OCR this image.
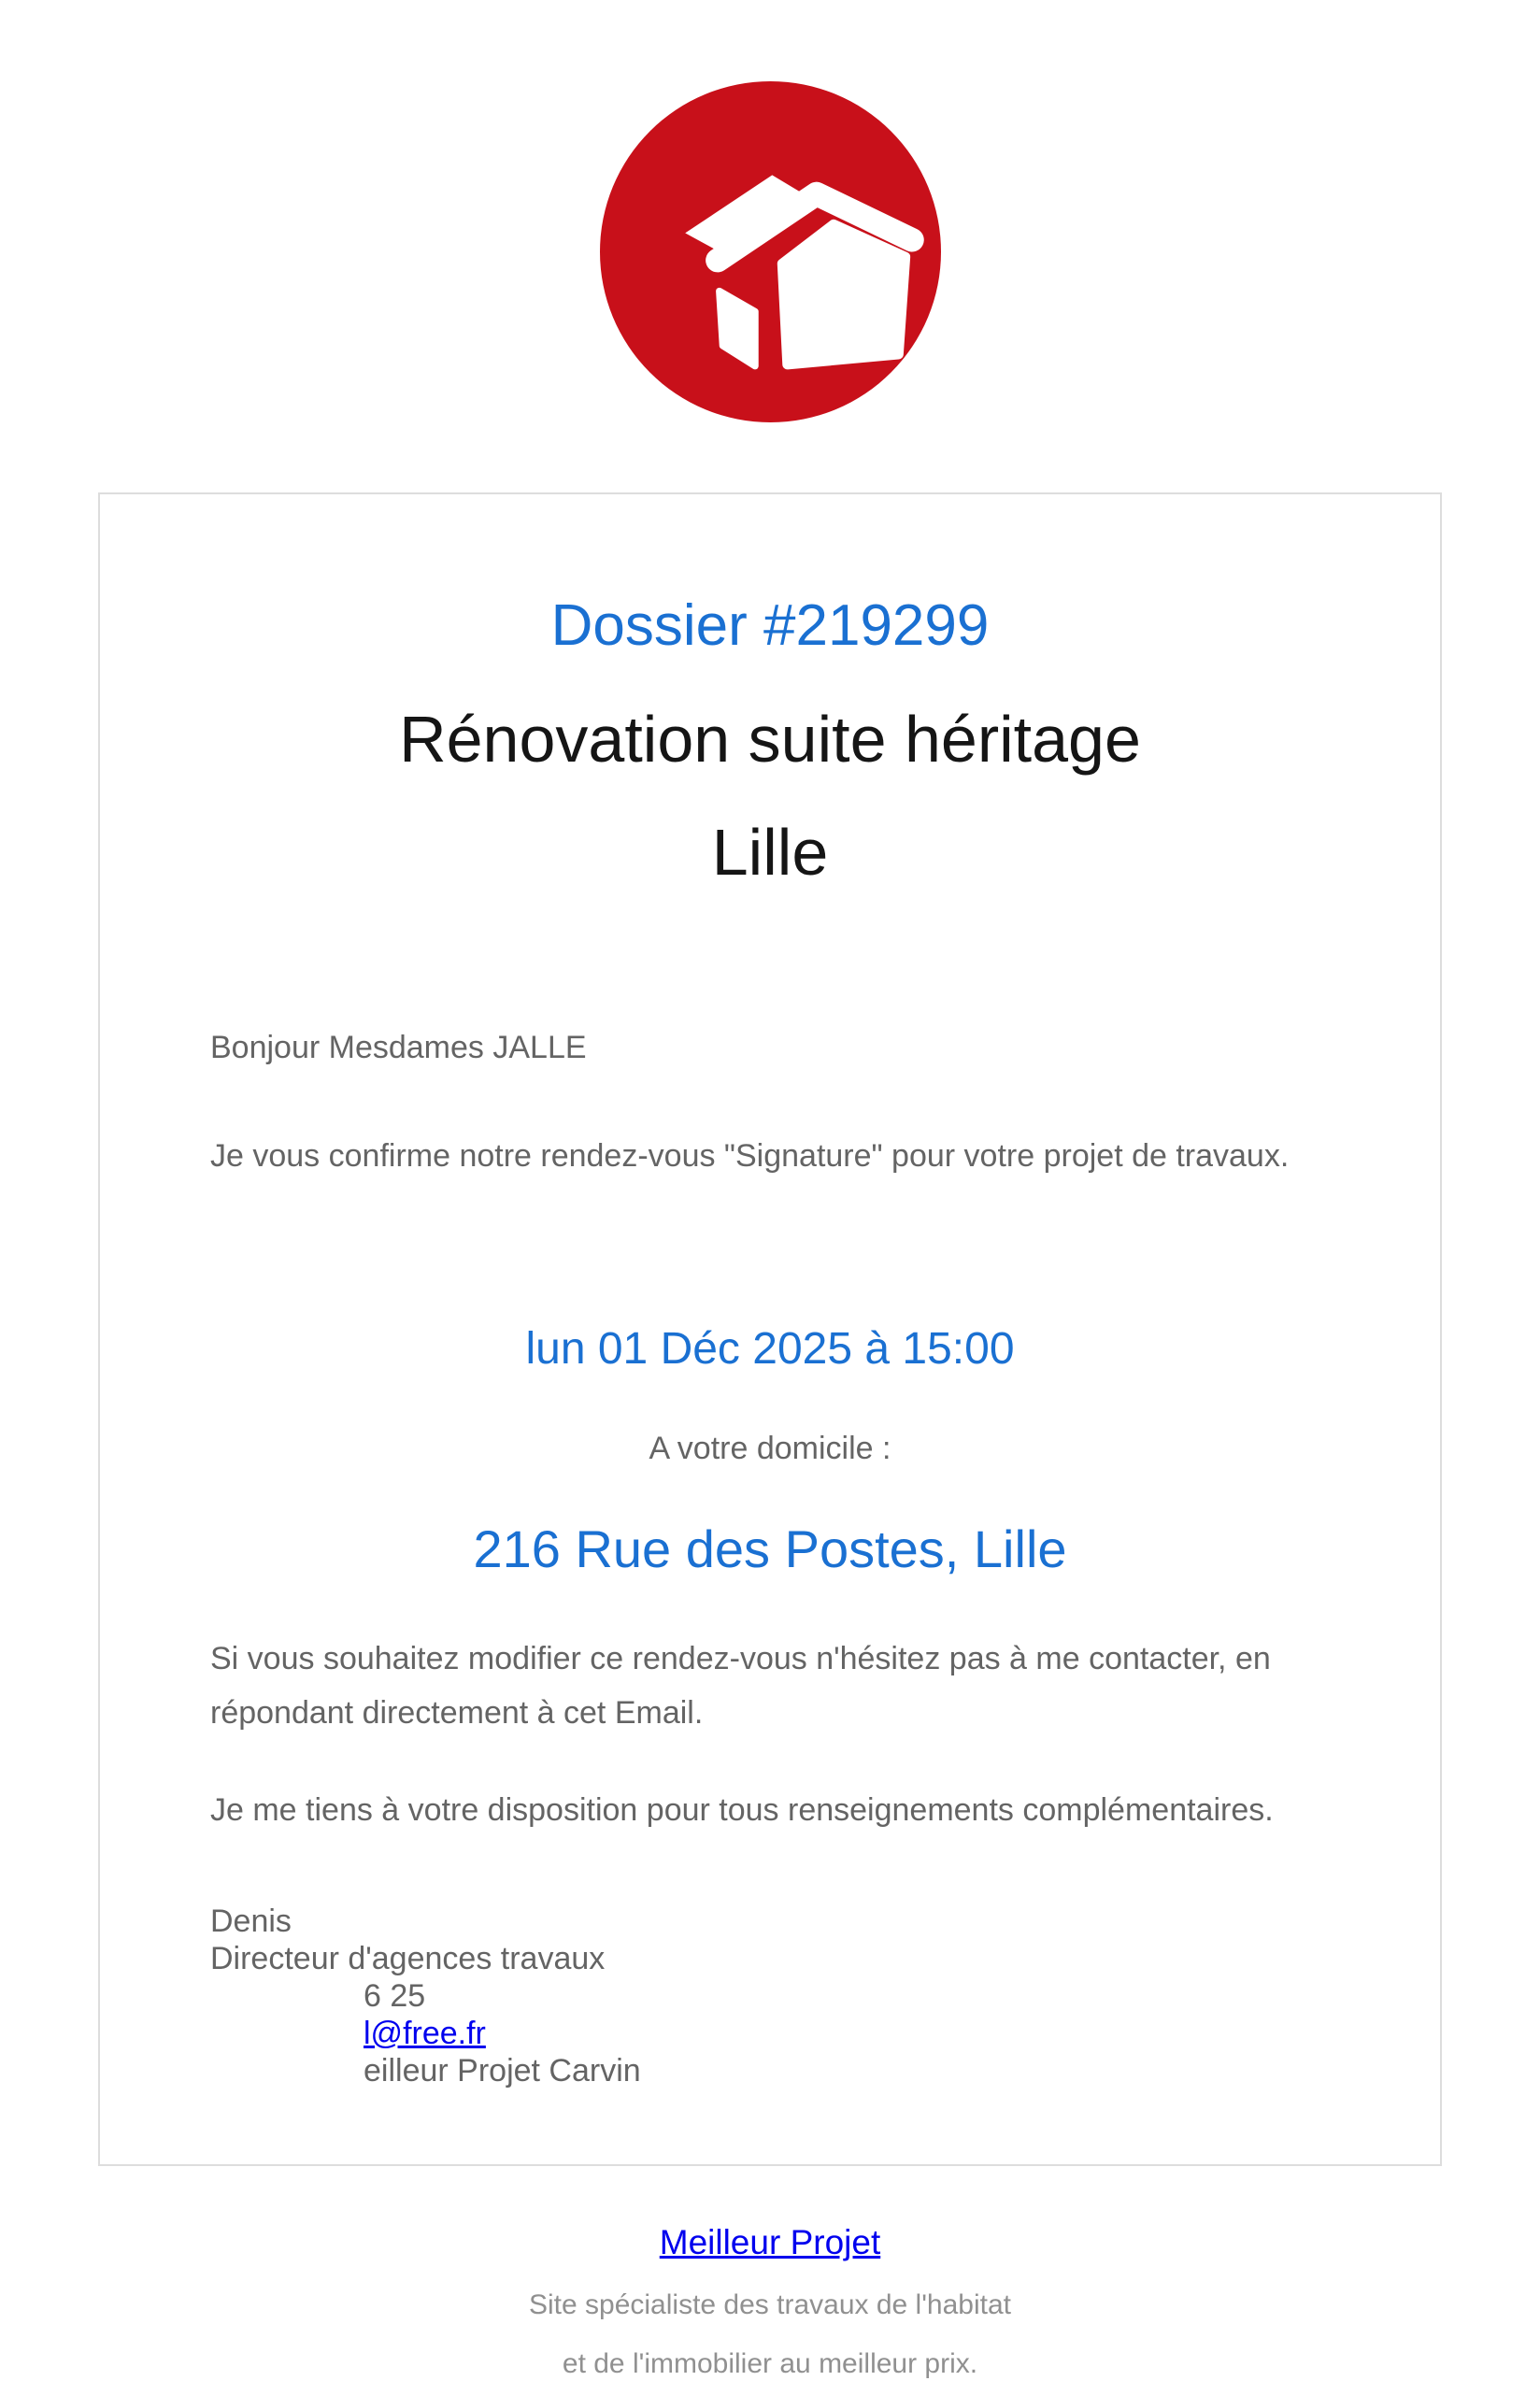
Dossier #219299
Rénovation suite héritage
Lille

Bonjour Mesdames JALLE

Je vous confirme notre rendez-vous "Signature" pour votre projet de travaux.

lun 01 Déc 2025 à 15:00
A votre domicile :
216 Rue des Postes, Lille

Si vous souhaitez modifier ce rendez-vous n'hésitez pas à me contacter, en répondant directement à cet Email.

Je me tiens à votre disposition pour tous renseignements complémentaires.

Denis
Directeur d'agences travaux
6 25
l@free.fr
eilleur Projet Carvin
Meilleur Projet
Site spécialiste des travaux de l'habitat
et de l'immobilier au meilleur prix.
